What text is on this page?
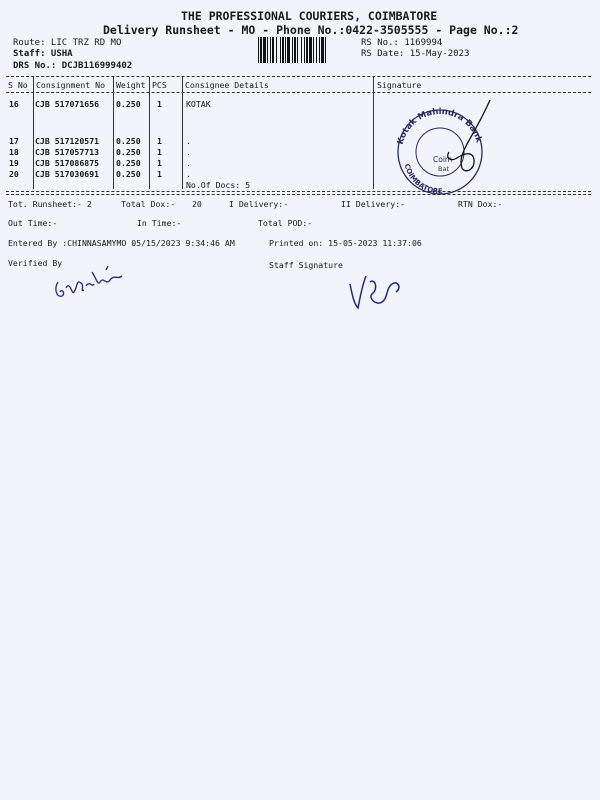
THE PROFESSIONAL COURIERS, COIMBATORE
Delivery Runsheet - MO - Phone No.:0422-3505555 - Page No.:2
Route: LIC TRZ RD MO
Staff: USHA
DRS No.: DCJB116999402
RS No.: 1169994
RS Date: 15-May-2023
S No Consignment No Weight PCS Consignee Details	Signature
16 CJB 517071656 0.250 1	KOTAK
17 CJB 517120571 0.250 1	.
18 CJB 517057713 0.250 1	.
19 CJB 517086875 0.250 1	.
20 CJB 517030691 0.250 1	.
No.Of Docs: 5
Kotak Mahindra Bank
COIMBATORE
Coim
Bat
Tot. Runsheet:- 2	Total Dox:- 20	I Delivery:-	II Delivery:-	RTN Dox:-
Out Time:-	In Time:-	Total POD:-
Entered By :CHINNASAMYMO 05/15/2023 9:34:46 AM	Printed on: 15-05-2023 11:37:06
Verified By	Staff Signature
